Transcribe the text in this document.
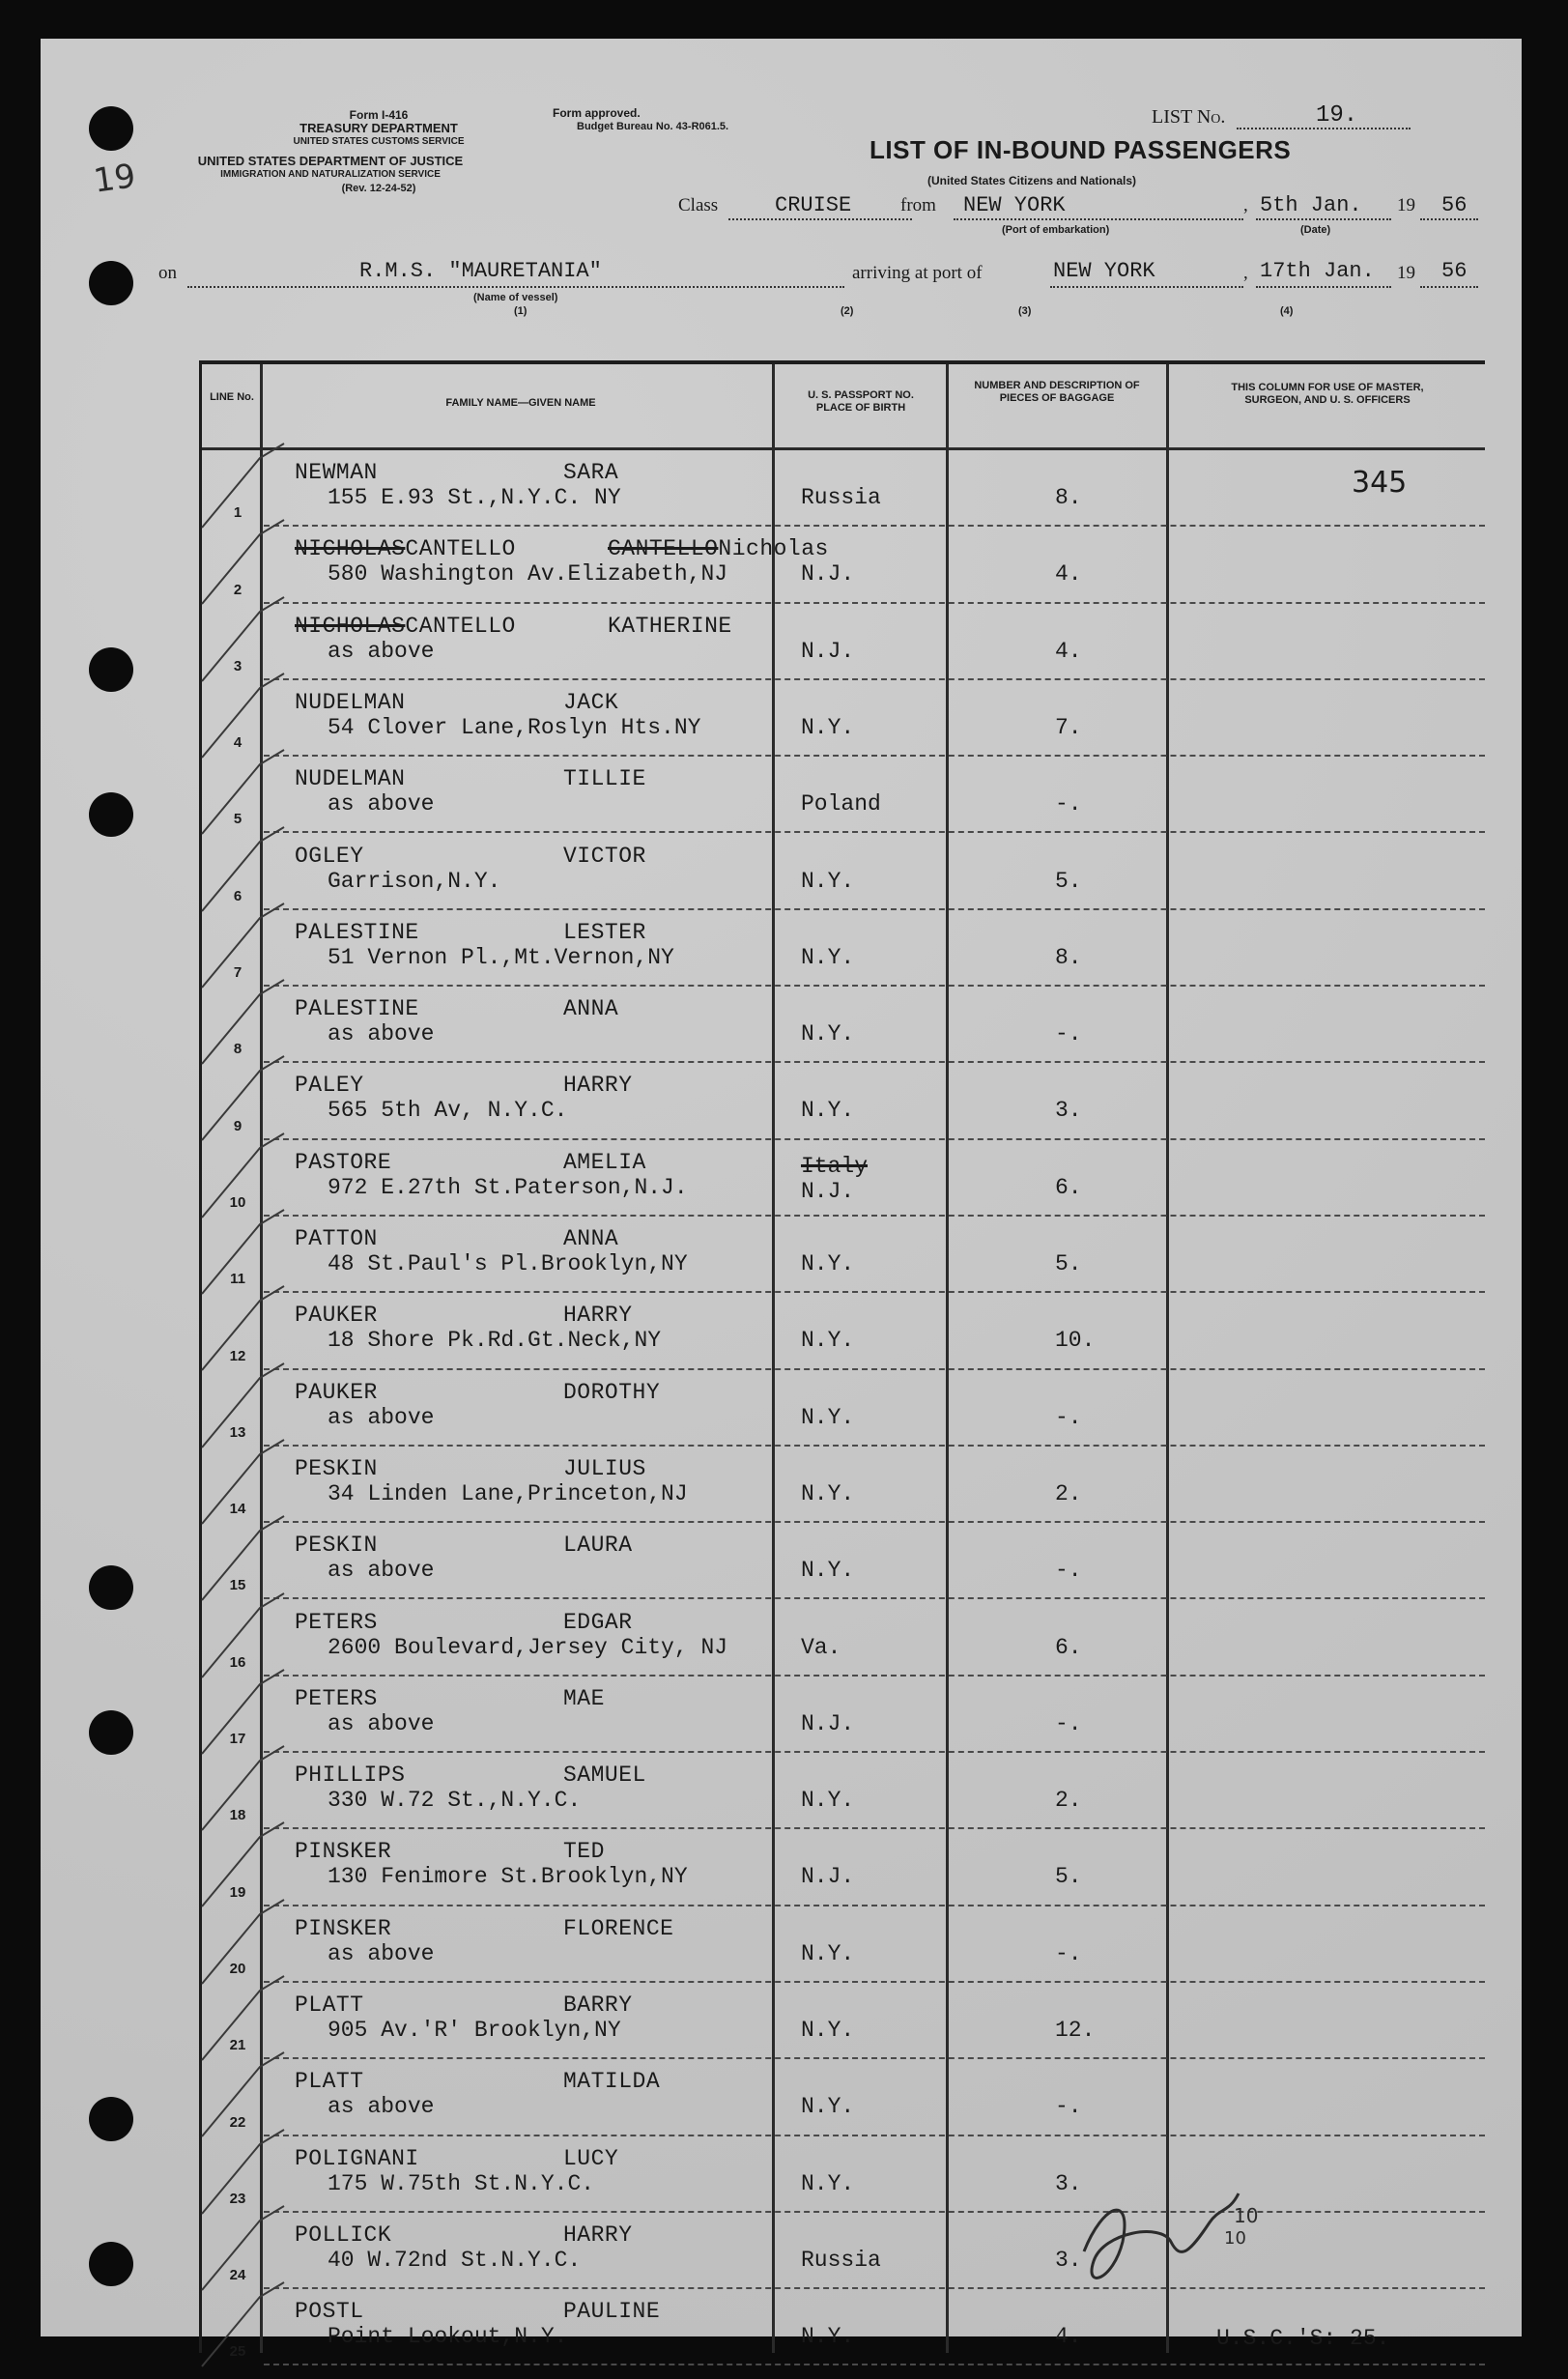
19
Form I-416
TREASURY DEPARTMENT
UNITED STATES CUSTOMS SERVICE
UNITED STATES DEPARTMENT OF JUSTICE
IMMIGRATION AND NATURALIZATION SERVICE
(Rev. 12-24-52)
Form approved.
Budget Bureau No. 43-R061.5.	LIST No.	19.
LIST OF IN-BOUND PASSENGERS
(United States Citizens and Nationals)
Class	CRUISE	from NEW YORK
(Port of embarkation)
, 5th Jan.
(Date)
19 56
on	R.M.S. "MAURETANIA"
(Name of vessel)
(1)
arriving at port of	NEW YORK	, 17th Jan. 19 56
(2)	(3)	(4)
LINE No.	FAMILY NAME—GIVEN NAME
U. S. PASSPORT NO. PLACE OF BIRTH
NUMBER AND DESCRIPTION OF PIECES OF BAGGAGE
THIS COLUMN FOR USE OF MASTER, SURGEON, AND U. S. OFFICERS
1
NEWMAN	SARA
155 E.93 St.,N.Y.C. NY	Russia	8.	345
2
NICHOLASCANTELLO	CANTELLONicholas
580 Washington Av.Elizabeth,NJ	N.J.	4.
3
NICHOLASCANTELLO	KATHERINE
as above	N.J.	4.
4
NUDELMAN	JACK
54 Clover Lane,Roslyn Hts.NY	N.Y.	7.
5
NUDELMAN	TILLIE
as above	Poland	-.
6
OGLEY	VICTOR
Garrison,N.Y.	N.Y.	5.
7
PALESTINE	LESTER
51 Vernon Pl.,Mt.Vernon,NY	N.Y.	8.
8
PALESTINE	ANNA
as above	N.Y.	-.
9
PALEY	HARRY
565 5th Av, N.Y.C.	N.Y.	3.
10
PASTORE	AMELIA
972 E.27th St.Paterson,N.J.
Italy
N.J.	6.
11
PATTON	ANNA
48 St.Paul's Pl.Brooklyn,NY	N.Y.	5.
12
PAUKER	HARRY
18 Shore Pk.Rd.Gt.Neck,NY	N.Y.	10.
13
PAUKER	DOROTHY
as above	N.Y.	-.
14
PESKIN	JULIUS
34 Linden Lane,Princeton,NJ	N.Y.	2.
15
PESKIN	LAURA
as above	N.Y.	-.
16
PETERS	EDGAR
2600 Boulevard,Jersey City, NJ	Va.	6.
17
PETERS	MAE
as above	N.J.	-.
18
PHILLIPS	SAMUEL
330 W.72 St.,N.Y.C.	N.Y.	2.
19
PINSKER	TED
130 Fenimore St.Brooklyn,NY	N.J.	5.
20
PINSKER	FLORENCE
as above	N.Y.	-.
21
PLATT	BARRY
905 Av.'R' Brooklyn,NY	N.Y.	12.
22
PLATT	MATILDA
as above	N.Y.	-.
23
POLIGNANI	LUCY
175 W.75th St.N.Y.C.	N.Y.	3.
24
POLLICK	HARRY
40 W.72nd St.N.Y.C.	Russia	3.
25
POSTL	PAULINE
Point Lookout,N.Y.	N.Y.	4.	U.S.C.'S: 25.
10
10
